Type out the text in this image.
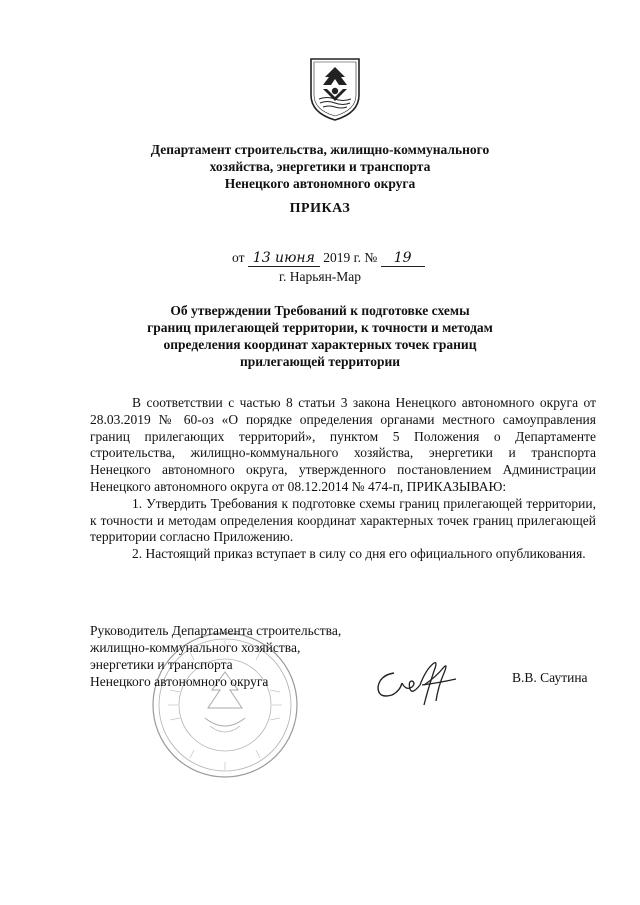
Департамент строительства, жилищно-коммунального
хозяйства, энергетики и транспорта
Ненецкого автономного округа
ПРИКАЗ
от 13 июня 2019 г. № 19
г. Нарьян-Мар
Об утверждении Требований к подготовке схемы
границ прилегающей территории, к точности и методам
определения координат характерных точек границ
прилегающей территории

В соответствии с частью 8 статьи 3 закона Ненецкого автономного округа от 28.03.2019 № 60-оз «О порядке определения органами местного самоуправления границ прилегающих территорий», пунктом 5 Положения о Департаменте строительства, жилищно-коммунального хозяйства, энергетики и транспорта Ненецкого автономного округа, утвержденного постановлением Администрации Ненецкого автономного округа от 08.12.2014 № 474-п, ПРИКАЗЫВАЮ:

1. Утвердить Требования к подготовке схемы границ прилегающей территории, к точности и методам определения координат характерных точек границ прилегающей территории согласно Приложению.

2. Настоящий приказ вступает в силу со дня его официального опубликования.

Руководитель Департамента строительства,
жилищно-коммунального хозяйства,
энергетики и транспорта
Ненецкого автономного округа	В.В. Саутина
